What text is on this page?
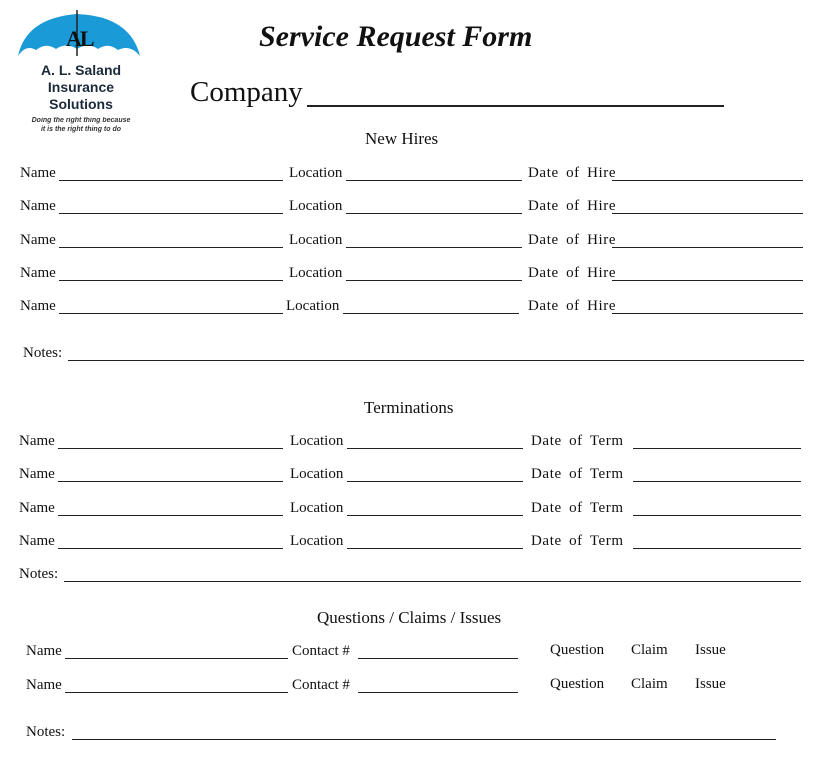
AL
A. L. Saland
Insurance
Solutions
Doing the right thing because
it is the right thing to do
Service Request Form
Company
New Hires
Name	Location	Date of Hire
Name	Location	Date of Hire
Name	Location	Date of Hire
Name	Location	Date of Hire
Name	Location	Date of Hire
Notes:
Terminations
Name	Location	Date of Term
Name	Location	Date of Term
Name	Location	Date of Term
Name	Location	Date of Term
Notes:
Questions / Claims / Issues
Name	Contact #	Question Claim Issue
Name	Contact #	Question Claim Issue
Notes:
